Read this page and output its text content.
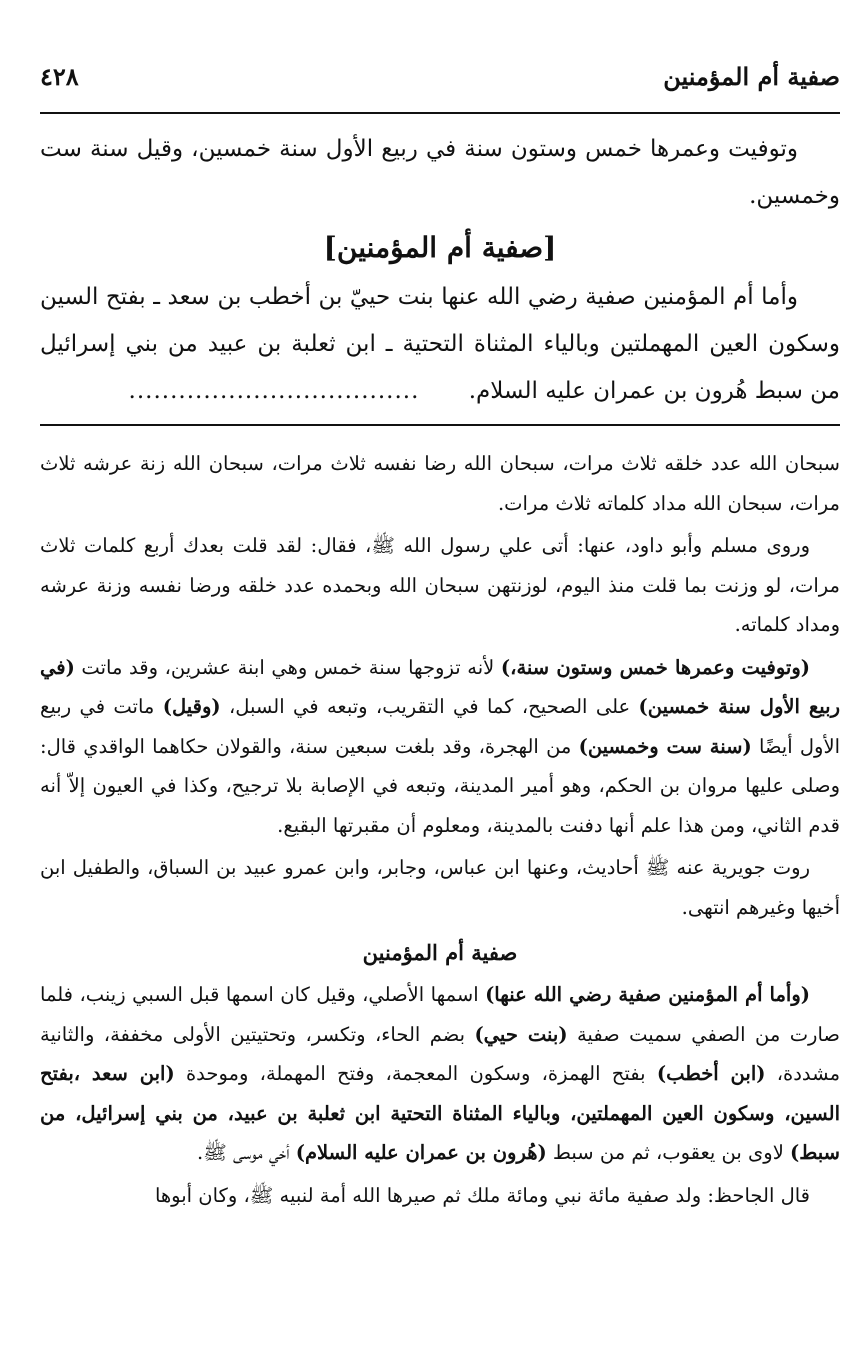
صفية أم المؤمنين
٤٢٨

وتوفيت وعمرها خمس وستون سنة في ربيع الأول سنة خمسين، وقيل سنة ست وخمسين.

[صفية أم المؤمنين]

وأما أم المؤمنين صفية رضي الله عنها بنت حييّ بن أخطب بن سعد ـ بفتح السين وسكون العين المهملتين وبالياء المثناة التحتية ـ ابن ثعلبة بن عبيد من بني إسرائيل من سبط هُرون بن عمران عليه السلام. ...................................

سبحان الله عدد خلقه ثلاث مرات، سبحان الله رضا نفسه ثلاث مرات، سبحان الله زنة عرشه ثلاث مرات، سبحان الله مداد كلماته ثلاث مرات.

وروى مسلم وأبو داود، عنها: أتى علي رسول الله ﷺ، فقال: لقد قلت بعدك أربع كلمات ثلاث مرات، لو وزنت بما قلت منذ اليوم، لوزنتهن سبحان الله وبحمده عدد خلقه ورضا نفسه وزنة عرشه ومداد كلماته.

(وتوفيت وعمرها خمس وستون سنة،) لأنه تزوجها سنة خمس وهي ابنة عشرين، وقد ماتت (في ربيع الأول سنة خمسين) على الصحيح، كما في التقريب، وتبعه في السبل، (وقيل) ماتت في ربيع الأول أيضًا (سنة ست وخمسين) من الهجرة، وقد بلغت سبعين سنة، والقولان حكاهما الواقدي قال: وصلى عليها مروان بن الحكم، وهو أمير المدينة، وتبعه في الإصابة بلا ترجيح، وكذا في العيون إلاّ أنه قدم الثاني، ومن هذا علم أنها دفنت بالمدينة، ومعلوم أن مقبرتها البقيع.

روت جويرية عنه ﷺ أحاديث، وعنها ابن عباس، وجابر، وابن عمرو عبيد بن السباق، والطفيل ابن أخيها وغيرهم انتهى.

صفية أم المؤمنين

(وأما أم المؤمنين صفية رضي الله عنها) اسمها الأصلي، وقيل كان اسمها قبل السبي زينب، فلما صارت من الصفي سميت صفية (بنت حيي) بضم الحاء، وتكسر، وتحتيتين الأولى مخففة، والثانية مشددة، (ابن أخطب) بفتح الهمزة، وسكون المعجمة، وفتح المهملة، وموحدة (ابن سعد ،بفتح السين، وسكون العين المهملتين، وبالياء المثناة التحتية ابن ثعلبة بن عبيد، من بني إسرائيل، من سبط) لاوى بن يعقوب، ثم من سبط (هُرون بن عمران عليه السلام) أخي موسى ﷺ.

قال الجاحظ: ولد صفية مائة نبي ومائة ملك ثم صيرها الله أمة لنبيه ﷺ، وكان أبوها
